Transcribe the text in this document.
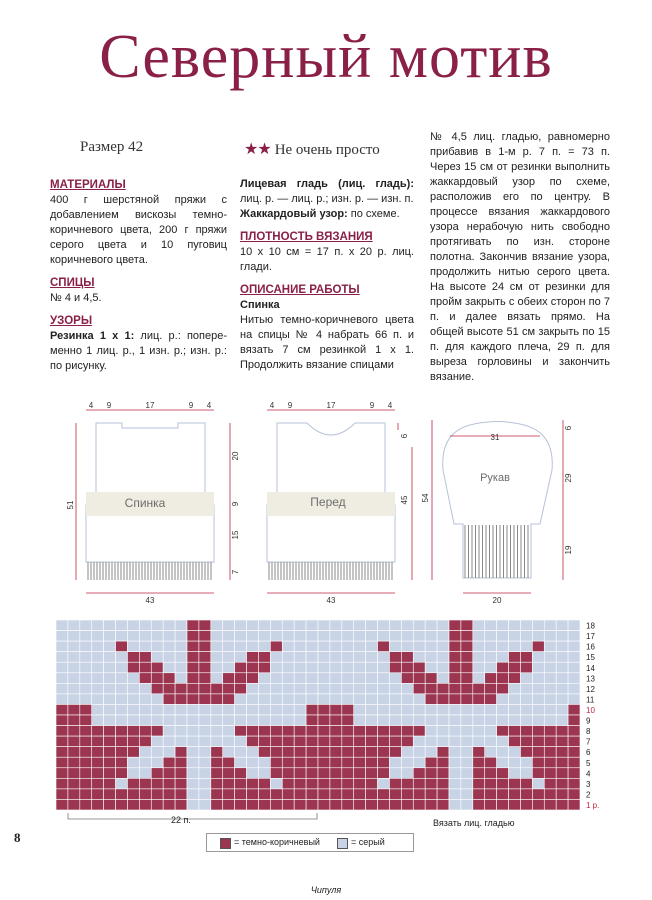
Северный мотив
Размер 42	★★ Не очень просто

МАТЕРИАЛЫ

400 г шерстяной пряжи с добавлением вискозы темно-коричневого цвета, 200 г пряжи серого цвета и 10 пуговиц коричневого цвета.

СПИЦЫ

№ 4 и 4,5.

УЗОРЫ

Резинка 1 х 1: лиц. р.: попере-менно 1 лиц. р., 1 изн. р.; изн. р.: по рисунку.

Лицевая гладь (лиц. гладь): лиц. р. — лиц. р.; изн. р. — изн. п.

Жаккардовый узор: по схеме.

ПЛОТНОСТЬ ВЯЗАНИЯ

10 х 10 см = 17 п. х 20 р. лиц. глади.

ОПИСАНИЕ РАБОТЫ

Спинка

Нитью темно-коричневого цвета на спицы № 4 набрать 66 п. и вязать 7 см резинкой 1 х 1. Продолжить вязание спицами

№ 4,5 лиц. гладью, равномерно прибавив в 1-м р. 7 п. = 73 п. Через 15 см от резинки выполнить жаккардовый узор по схеме, расположив его по центру. В процессе вязания жаккардового узора нерабочую нить свободно протягивать по изн. стороне полотна. Закончив вязание узора, продолжить нитью серого цвета. На высоте 24 см от резинки для пройм закрыть с обеих сторон по 7 п. и далее вязать прямо. На общей высоте 51 см закрыть по 15 п. для каждого плеча, 29 п. для выреза горловины и закончить вязание.

Спинка	Перед
Рукав
4 9	17	9 4	4 9	17	9 4
43	43	20
31
51
20
9
15
7
6
45 54
6
29
19
18
17
16
15
14
13
12
11
10
9
8
7
6
5
4
3
2
1 р.
22 п.	Вязать лиц. гладью
= темно-коричневый	= серый
8
Чипуля
